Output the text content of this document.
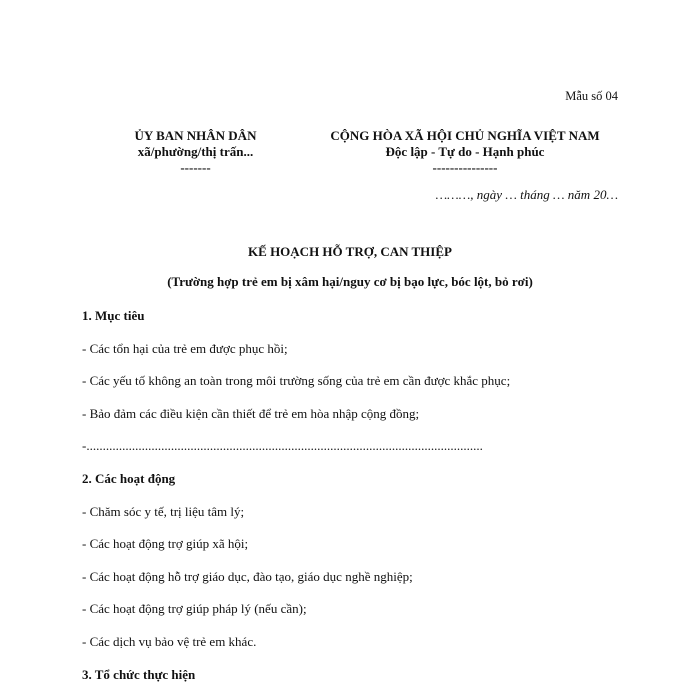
Mẫu số 04
ỦY BAN NHÂN DÂN
xã/phường/thị trấn...
-------
CỘNG HÒA XÃ HỘI CHỦ NGHĨA VIỆT NAM
Độc lập - Tự do - Hạnh phúc
---------------
………, ngày … tháng … năm 20…
KẾ HOẠCH HỖ TRỢ, CAN THIỆP
(Trường hợp trẻ em bị xâm hại/nguy cơ bị bạo lực, bóc lột, bỏ rơi)
1. Mục tiêu
- Các tổn hại của trẻ em được phục hồi;
- Các yếu tố không an toàn trong môi trường sống của trẻ em cần được khắc phục;
- Bảo đảm các điều kiện cần thiết để trẻ em hòa nhập cộng đồng;
-..........................................................................................................................
2. Các hoạt động
- Chăm sóc y tế, trị liệu tâm lý;
- Các hoạt động trợ giúp xã hội;
- Các hoạt động hỗ trợ giáo dục, đào tạo, giáo dục nghề nghiệp;
- Các hoạt động trợ giúp pháp lý (nếu cần);
- Các dịch vụ bảo vệ trẻ em khác.
3. Tổ chức thực hiện
